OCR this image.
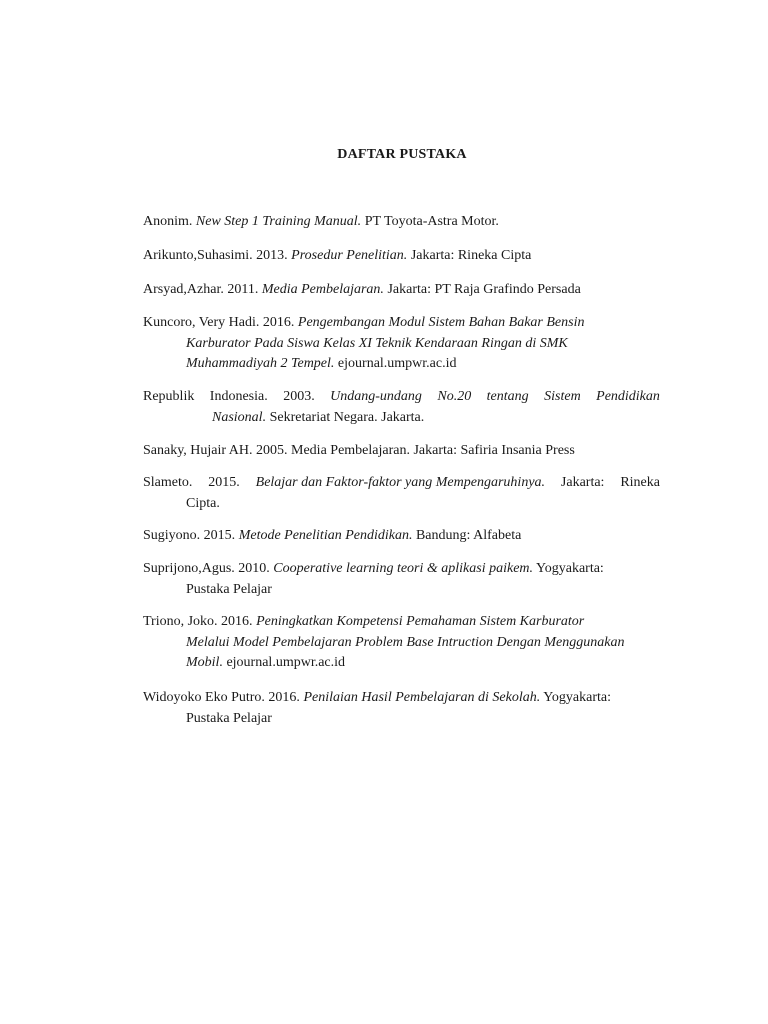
DAFTAR PUSTAKA
Anonim. New Step 1 Training Manual. PT Toyota-Astra Motor.
Arikunto,Suhasimi. 2013. Prosedur Penelitian. Jakarta: Rineka Cipta
Arsyad,Azhar. 2011. Media Pembelajaran. Jakarta: PT Raja Grafindo Persada
Kuncoro, Very Hadi. 2016. Pengembangan Modul Sistem Bahan Bakar Bensin
Karburator Pada Siswa Kelas XI Teknik Kendaraan Ringan di SMK
Muhammadiyah 2 Tempel. ejournal.umpwr.ac.id
Republik Indonesia. 2003. Undang-undang No.20 tentang Sistem Pendidikan
Nasional. Sekretariat Negara. Jakarta.
Sanaky, Hujair AH. 2005. Media Pembelajaran. Jakarta: Safiria Insania Press
Slameto. 2015. Belajar dan Faktor-faktor yang Mempengaruhinya. Jakarta: Rineka
Cipta.
Sugiyono. 2015. Metode Penelitian Pendidikan. Bandung: Alfabeta
Suprijono,Agus. 2010. Cooperative learning teori & aplikasi paikem. Yogyakarta:
Pustaka Pelajar
Triono, Joko. 2016. Peningkatkan Kompetensi Pemahaman Sistem Karburator
Melalui Model Pembelajaran Problem Base Intruction Dengan Menggunakan
Mobil. ejournal.umpwr.ac.id
Widoyoko Eko Putro. 2016. Penilaian Hasil Pembelajaran di Sekolah. Yogyakarta:
Pustaka Pelajar
